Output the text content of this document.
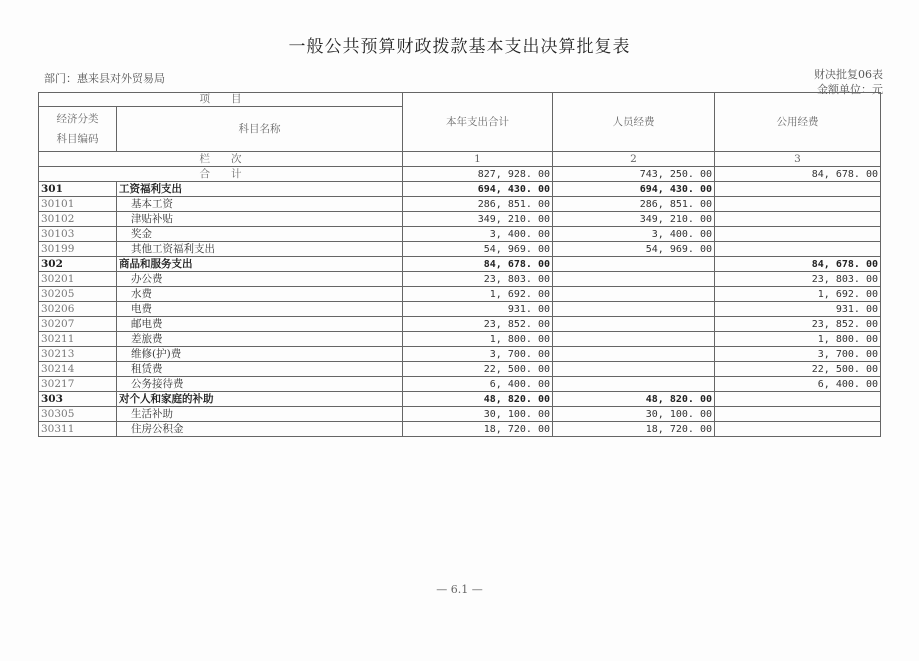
一般公共预算财政拨款基本支出决算批复表
部门：惠来县对外贸易局	财决批复06表
金额单位：元
项　　目		本年支出合计	人员经费	公用经费

经济分类
科目编码	科目名称			
栏　　次		1	2	3
合　　计		827, 928. 00	743, 250. 00	84, 678. 00
301	工资福利支出	694, 430. 00	694, 430. 00	
30101	基本工资	286, 851. 00	286, 851. 00	
30102	津贴补贴	349, 210. 00	349, 210. 00	
30103	奖金	3, 400. 00	3, 400. 00	
30199	其他工资福利支出	54, 969. 00	54, 969. 00	
302	商品和服务支出	84, 678. 00		84, 678. 00
30201	办公费	23, 803. 00		23, 803. 00
30205	水费	1, 692. 00		1, 692. 00
30206	电费	931. 00		931. 00
30207	邮电费	23, 852. 00		23, 852. 00
30211	差旅费	1, 800. 00		1, 800. 00
30213	维修(护)费	3, 700. 00		3, 700. 00
30214	租赁费	22, 500. 00		22, 500. 00
30217	公务接待费	6, 400. 00		6, 400. 00
303	对个人和家庭的补助	48, 820. 00	48, 820. 00	
30305	生活补助	30, 100. 00	30, 100. 00	
30311	住房公积金	18, 720. 00	18, 720. 00	
— 6.1 —
